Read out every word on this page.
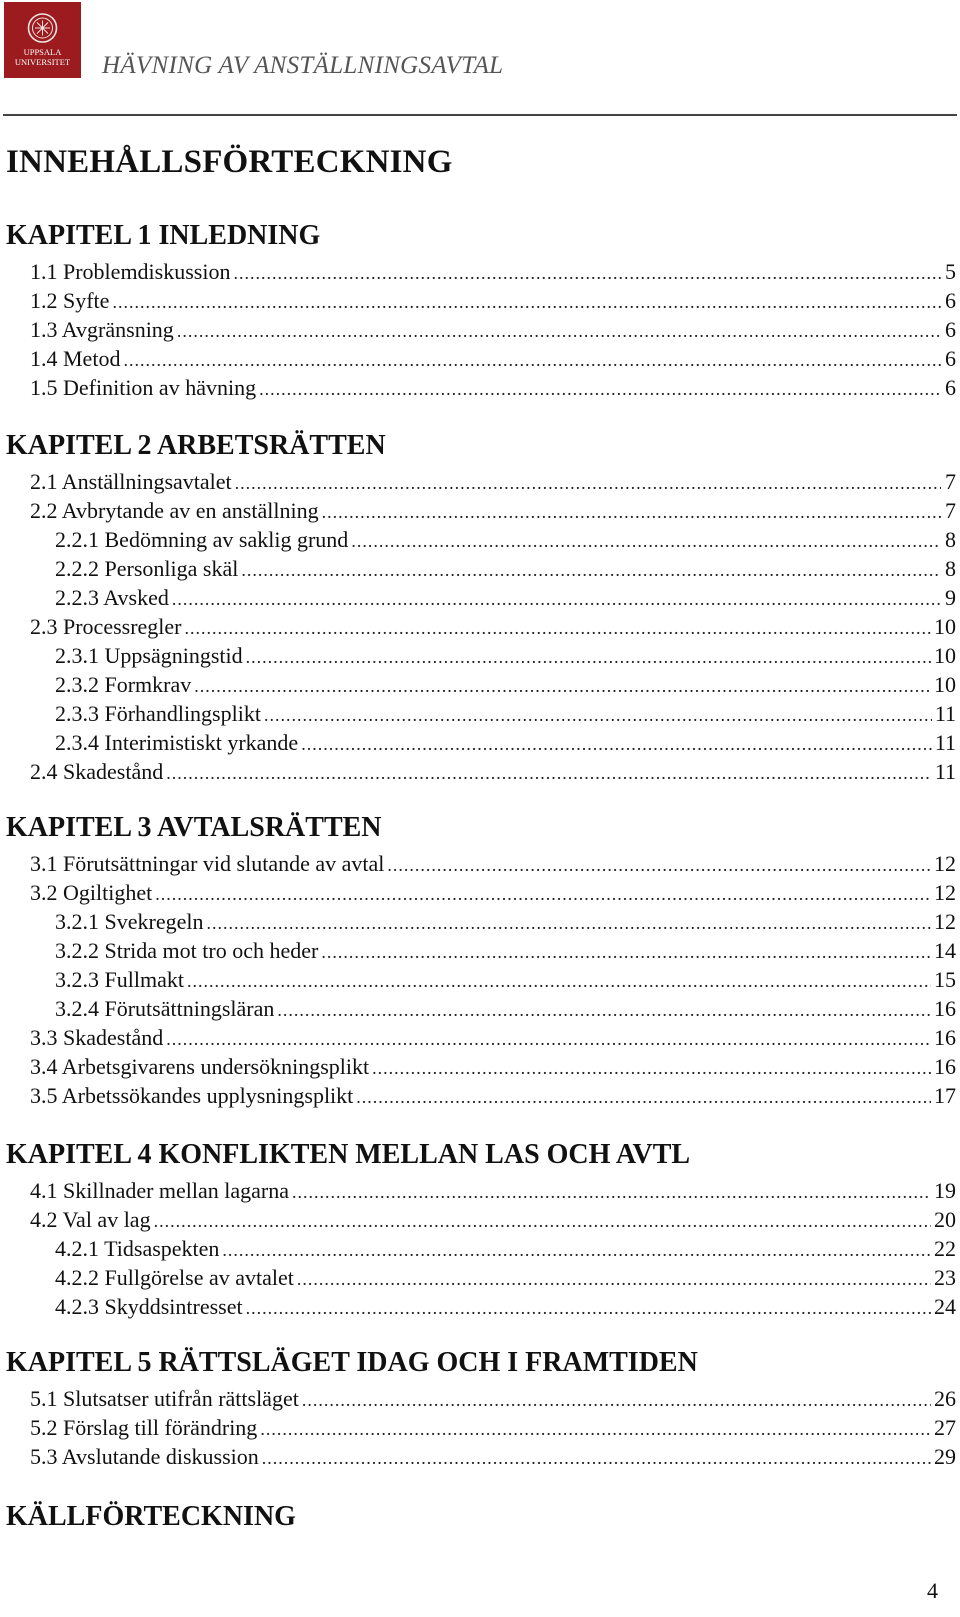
UPPSALA
UNIVERSITET HÄVNING AV ANSTÄLLNINGSAVTAL
INNEHÅLLSFÖRTECKNING
KAPITEL 1 INLEDNING
1.1 Problemdiskussion .....	5
1.2 Syfte .....	6
1.3 Avgränsning .....	6
1.4 Metod .....	6
1.5 Definition av hävning .....	6
KAPITEL 2 ARBETSRÄTTEN
2.1 Anställningsavtalet .....	7
2.2 Avbrytande av en anställning .....	7
2.2.1 Bedömning av saklig grund .....	8
2.2.2 Personliga skäl .....	8
2.2.3 Avsked .....	9
2.3 Processregler .....	10
2.3.1 Uppsägningstid .....	10
2.3.2 Formkrav .....	10
2.3.3 Förhandlingsplikt .....	11
2.3.4 Interimistiskt yrkande .....	11
2.4 Skadestånd .....	11
KAPITEL 3 AVTALSRÄTTEN
3.1 Förutsättningar vid slutande av avtal .....	12
3.2 Ogiltighet .....	12
3.2.1 Svekregeln .....	12
3.2.2 Strida mot tro och heder .....	14
3.2.3 Fullmakt .....	15
3.2.4 Förutsättningsläran .....	16
3.3 Skadestånd .....	16
3.4 Arbetsgivarens undersökningsplikt .....	16
3.5 Arbetssökandes upplysningsplikt .....	17
KAPITEL 4 KONFLIKTEN MELLAN LAS OCH AVTL
4.1 Skillnader mellan lagarna .....	19
4.2 Val av lag .....	20
4.2.1 Tidsaspekten .....	22
4.2.2 Fullgörelse av avtalet .....	23
4.2.3 Skyddsintresset .....	24
KAPITEL 5 RÄTTSLÄGET IDAG OCH I FRAMTIDEN
5.1 Slutsatser utifrån rättsläget .....	26
5.2 Förslag till förändring .....	27
5.3 Avslutande diskussion .....	29
KÄLLFÖRTECKNING
4
